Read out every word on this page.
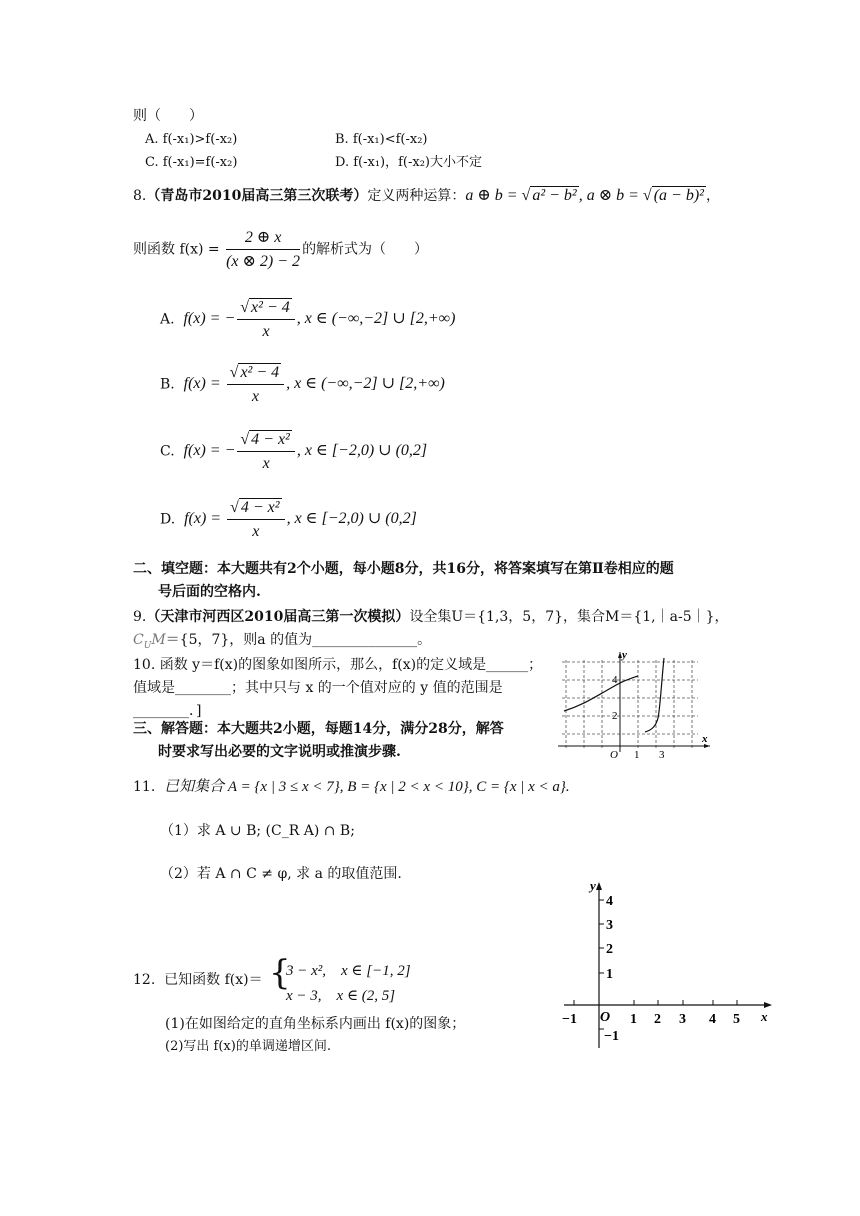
则（　　）
A. f(-x₁)>f(-x₂)	B. f(-x₁)<f(-x₂)
C. f(-x₁)=f(-x₂)	D. f(-x₁)，f(-x₂)大小不定
8.（青岛市2010届高三第三次联考）定义两种运算：a ⊕ b = √ a² − b² , a ⊗ b = √ (a − b)² ，
则函数 $f(x) = \frac{2 \oplus x}{(x \otimes 2) - 2}$ 的解析式为（　　）
A. f(x) = − $\frac{\text{√ x² − 4}}{x}$ , x ∈ (−∞,−2] ∪ [2,+∞)
B. $f(x) = \frac{\text{√ x² − 4}}{x}$ , x ∈ (−∞,−2] ∪ [2,+∞)
C. f(x) = − $\frac{\text{√ 4 − x²}}{x}$ , x ∈ [−2,0) ∪ (0,2]
D. $f(x) = \frac{\text{√ 4 − x²}}{x}$ , x ∈ [−2,0) ∪ (0,2]
二、填空题：本大题共有2个小题，每小题8分，共16分，将答案填写在第Ⅱ卷相应的题
号后面的空格内.
9.（天津市河西区2010届高三第一次模拟）设全集U＝{1,3，5，7}，集合M＝{1,｜a-5｜}，
$C_UM=\{5$，7}，则a 的值为_______________。
10. 函数 y＝f(x)的图象如图所示，那么，f(x)的定义域是______；
值域是________；其中只与 x 的一个值对应的 y 值的范围是
________．]
y
x
O
4
2
1 3
三、解答题：本大题共2小题，每题14分，满分28分，解答
时要求写出必要的文字说明或推演步骤.
11. 已知集合 A = {x | 3 ≤ x < 7}, B = {x | 2 < x < 10}, C = {x | x < a}.
（1）求 A ∪ B; (C_R A) ∩ B;
（2）若 A ∩ C ≠ φ, 求 a 的取值范围.
12. 已知函数 f(x)＝ {
3 − x²,　x ∈ [−1, 2]
x − 3,　x ∈ (2, 5]
(1)在如图给定的直角坐标系内画出 f(x)的图象；
(2)写出 f(x)的单调递增区间.
y
x
O
4
3
2
1
−1
−1	1 2 3 4 5
